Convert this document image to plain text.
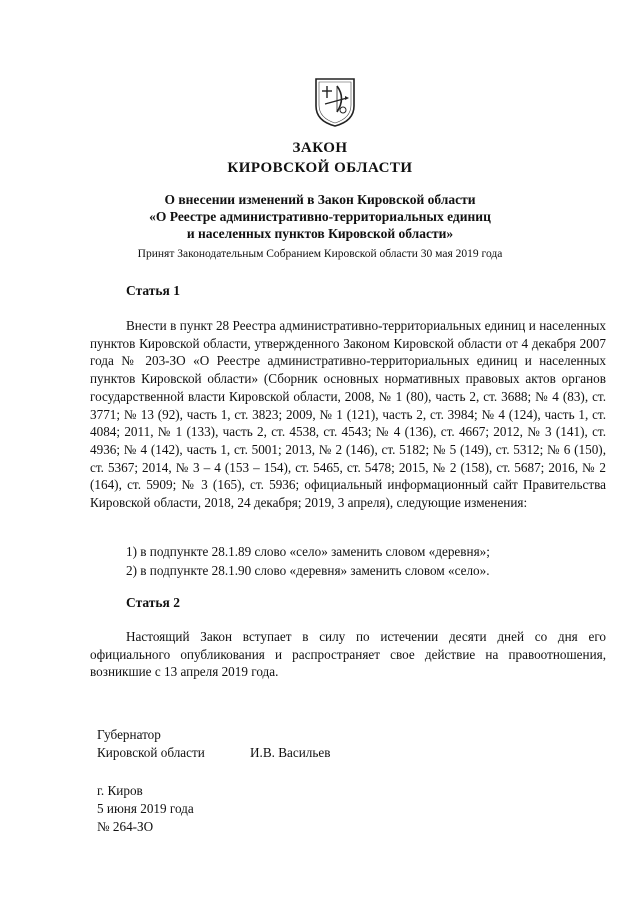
ЗАКОН
КИРОВСКОЙ ОБЛАСТИ
О внесении изменений в Закон Кировской области
«О Реестре административно-территориальных единиц
и населенных пунктов Кировской области»
Принят Законодательным Собранием Кировской области 30 мая 2019 года
Статья 1

Внести в пункт 28 Реестра административно-территориальных единиц и населенных пунктов Кировской области, утвержденного Законом Кировской области от 4 декабря 2007 года № 203-ЗО «О Реестре административно-территориальных единиц и населенных пунктов Кировской области» (Сборник основных нормативных правовых актов органов государственной власти Кировской области, 2008, № 1 (80), часть 2, ст. 3688; № 4 (83), ст. 3771; № 13 (92), часть 1, ст. 3823; 2009, № 1 (121), часть 2, ст. 3984; № 4 (124), часть 1, ст. 4084; 2011, № 1 (133), часть 2, ст. 4538, ст. 4543; № 4 (136), ст. 4667; 2012, № 3 (141), ст. 4936; № 4 (142), часть 1, ст. 5001; 2013, № 2 (146), ст. 5182; № 5 (149), ст. 5312; № 6 (150), ст. 5367; 2014, № 3 – 4 (153 – 154), ст. 5465, ст. 5478; 2015, № 2 (158), ст. 5687; 2016, № 2 (164), ст. 5909; № 3 (165), ст. 5936; официальный информационный сайт Правительства Кировской области, 2018, 24 декабря; 2019, 3 апреля), следующие изменения:

1) в подпункте 28.1.89 слово «село» заменить словом «деревня»;
2) в подпункте 28.1.90 слово «деревня» заменить словом «село».
Статья 2

Настоящий Закон вступает в силу по истечении десяти дней со дня его официального опубликования и распространяет свое действие на правоотношения, возникшие с 13 апреля 2019 года.

Губернатор
Кировской области	И.В. Васильев
г. Киров
5 июня 2019 года
№ 264-ЗО
